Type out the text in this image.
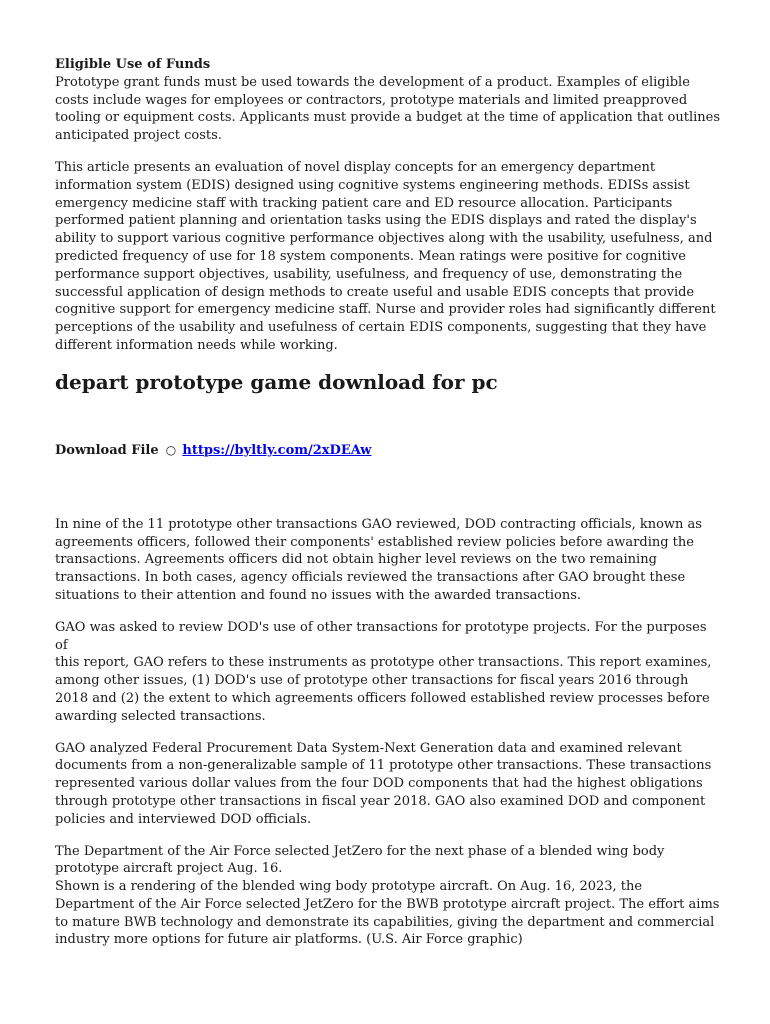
Eligible Use of Funds

Prototype grant funds must be used towards the development of a product. Examples of eligible
costs include wages for employees or contractors, prototype materials and limited preapproved
tooling or equipment costs. Applicants must provide a budget at the time of application that outlines
anticipated project costs.

This article presents an evaluation of novel display concepts for an emergency department
information system (EDIS) designed using cognitive systems engineering methods. EDISs assist
emergency medicine staff with tracking patient care and ED resource allocation. Participants
performed patient planning and orientation tasks using the EDIS displays and rated the display's
ability to support various cognitive performance objectives along with the usability, usefulness, and
predicted frequency of use for 18 system components. Mean ratings were positive for cognitive
performance support objectives, usability, usefulness, and frequency of use, demonstrating the
successful application of design methods to create useful and usable EDIS concepts that provide
cognitive support for emergency medicine staff. Nurse and provider roles had significantly different
perceptions of the usability and usefulness of certain EDIS components, suggesting that they have
different information needs while working.

depart prototype game download for pc
Download File ○ https://byltly.com/2xDEAw

In nine of the 11 prototype other transactions GAO reviewed, DOD contracting officials, known as
agreements officers, followed their components' established review policies before awarding the
transactions. Agreements officers did not obtain higher level reviews on the two remaining
transactions. In both cases, agency officials reviewed the transactions after GAO brought these
situations to their attention and found no issues with the awarded transactions.

GAO was asked to review DOD's use of other transactions for prototype projects. For the purposes of
this report, GAO refers to these instruments as prototype other transactions. This report examines,
among other issues, (1) DOD's use of prototype other transactions for fiscal years 2016 through
2018 and (2) the extent to which agreements officers followed established review processes before
awarding selected transactions.

GAO analyzed Federal Procurement Data System-Next Generation data and examined relevant
documents from a non-generalizable sample of 11 prototype other transactions. These transactions
represented various dollar values from the four DOD components that had the highest obligations
through prototype other transactions in fiscal year 2018. GAO also examined DOD and component
policies and interviewed DOD officials.

The Department of the Air Force selected JetZero for the next phase of a blended wing body
prototype aircraft project Aug. 16.
Shown is a rendering of the blended wing body prototype aircraft. On Aug. 16, 2023, the
Department of the Air Force selected JetZero for the BWB prototype aircraft project. The effort aims
to mature BWB technology and demonstrate its capabilities, giving the department and commercial
industry more options for future air platforms. (U.S. Air Force graphic)
